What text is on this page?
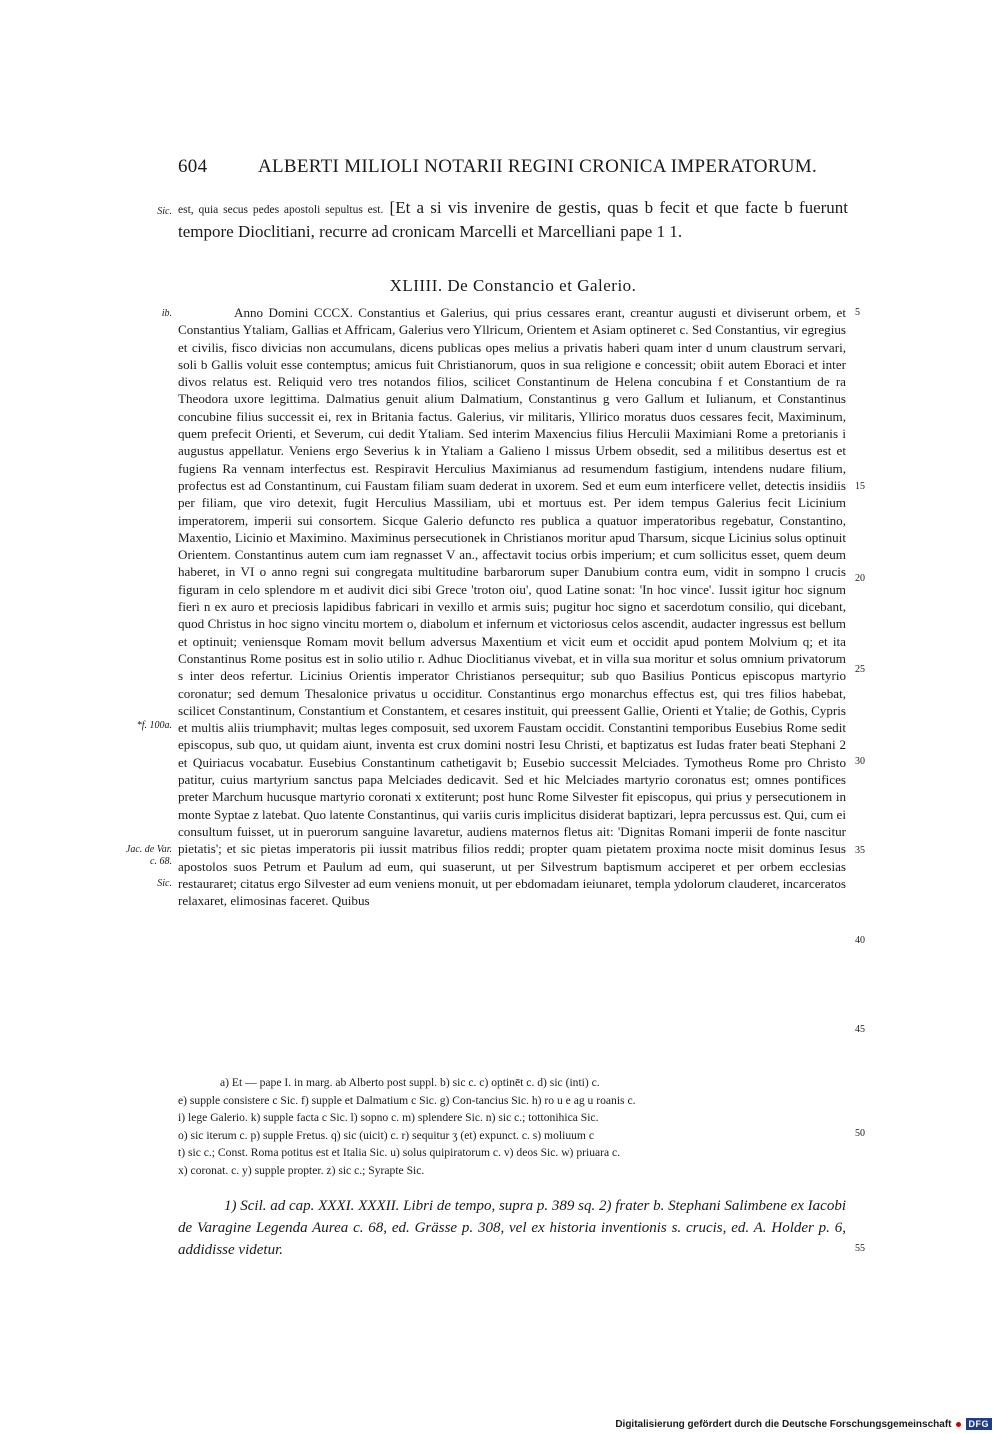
604	ALBERTI MILIOLI NOTARII REGINI CRONICA IMPERATORUM.
Sic. est, quia secus pedes apostoli sepultus est. [Et a si vis invenire de gestis, quas b fecit et que facte b fuerunt tempore Dioclitiani, recurre ad cronicam Marcelli et Marcelliani pape 1 1.
XLIIII. De Constancio et Galerio.
ib.
*f. 100a.
Jac. de Var. c. 68.
Sic.
5
15
20
25
30
35
40
45
50
55

Anno Domini CCCX. Constantius et Galerius, qui prius cessares erant, creantur augusti et diviserunt orbem, et Constantius Ytaliam, Gallias et Affricam, Galerius vero Yllricum, Orientem et Asiam optineret c. Sed Constantius, vir egregius et civilis, fisco divicias non accumulans, dicens publicas opes melius a privatis haberi quam inter d unum claustrum servari, soli b Gallis voluit esse contemptus; amicus fuit Christianorum, quos in sua religione e concessit; obiit autem Eboraci et inter divos relatus est. Reliquid vero tres notandos filios, scilicet Constantinum de Helena concubina f et Constantium de ra Theodora uxore legittima. Dalmatius genuit alium Dalmatium, Constantinus g vero Gallum et Iulianum, et Constantinus concubine filius successit ei, rex in Britania factus. Galerius, vir militaris, Yllirico moratus duos cessares fecit, Maximinum, quem prefecit Orienti, et Severum, cui dedit Ytaliam. Sed interim Maxencius filius Herculii Maximiani Rome a pretorianis i augustus appellatur. Veniens ergo Severius k in Ytaliam a Galieno l missus Urbem obsedit, sed a militibus desertus est et fugiens Ra vennam interfectus est. Respiravit Herculius Maximianus ad resumendum fastigium, intendens nudare filium, profectus est ad Constantinum, cui Faustam filiam suam dederat in uxorem. Sed et eum eum interficere vellet, detectis insidiis per filiam, que viro detexit, fugit Herculius Massiliam, ubi et mortuus est. Per idem tempus Galerius fecit Licinium imperatorem, imperii sui consortem. Sicque Galerio defuncto res publica a quatuor imperatoribus regebatur, Constantino, Maxentio, Licinio et Maximino. Maximinus persecutionek in Christianos moritur apud Tharsum, sicque Licinius solus optinuit Orientem. Constantinus autem cum iam regnasset V an., affectavit tocius orbis imperium; et cum sollicitus esset, quem deum haberet, in VI o anno regni sui congregata multitudine barbarorum super Danubium contra eum, vidit in sompno l crucis figuram in celo splendore m et audivit dici sibi Grece 'troton oiu', quod Latine sonat: 'In hoc vince'. Iussit igitur hoc signum fieri n ex auro et preciosis lapidibus fabricari in vexillo et armis suis; pugitur hoc signo et sacerdotum consilio, qui dicebant, quod Christus in hoc signo vincitu mortem o, diabolum et infernum et victoriosus celos ascendit, audacter ingressus est bellum et optinuit; veniensque Romam movit bellum adversus Maxentium et vicit eum et occidit apud pontem Molvium q; et ita Constantinus Rome positus est in solio utilio r. Adhuc Dioclitianus vivebat, et in villa sua moritur et solus omnium privatorum s inter deos refertur. Licinius Orientis imperator Christianos persequitur; sub quo Basilius Ponticus episcopus martyrio coronatur; sed demum Thesalonice privatus u occiditur. Constantinus ergo monarchus effectus est, qui tres filios habebat, scilicet Constantinum, Constantium et Constantem, et cesares instituit, qui preessent Gallie, Orienti et Ytalie; de Gothis, Cypris et multis aliis triumphavit; multas leges composuit, sed uxorem Faustam occidit. Constantini temporibus Eusebius Rome sedit episcopus, sub quo, ut quidam aiunt, inventa est crux domini nostri Iesu Christi, et baptizatus est Iudas frater beati Stephani 2 et Quiriacus vocabatur. Eusebius Constantinum cathetigavit b; Eusebio successit Melciades. Tymotheus Rome pro Christo patitur, cuius martyrium sanctus papa Melciades dedicavit. Sed et hic Melciades martyrio coronatus est; omnes pontifices preter Marchum hucusque martyrio coronati x extiterunt; post hunc Rome Silvester fit episcopus, qui prius y persecutionem in monte Syptae z latebat. Quo latente Constantinus, qui variis curis implicitus disiderat baptizari, lepra percussus est. Qui, cum ei consultum fuisset, ut in puerorum sanguine lavaretur, audiens maternos fletus ait: 'Dignitas Romani imperii de fonte nascitur pietatis'; et sic pietas imperatoris pii iussit matribus filios reddi; propter quam pietatem proxima nocte misit dominus Iesus apostolos suos Petrum et Paulum ad eum, qui suaserunt, ut per Silvestrum baptismum acciperet et per orbem ecclesias restauraret; citatus ergo Silvester ad eum veniens monuit, ut per ebdomadam ieiunaret, templa ydolorum clauderet, incarceratos relaxaret, elimosinas faceret. Quibus

a) Et — pape I. in marg. ab Alberto post suppl. b) sic c. c) optinēt c. d) sic (inti) c.
e) supple consistere c Sic. f) supple et Dalmatium c Sic. g) Con-tancius Sic. h) ro u e ag u roanis c.
i) lege Galerio. k) supple facta c Sic. l) sopno c. m) splendere Sic. n) sic c.; tottonihica Sic.
o) sic iterum c. p) supple Fretus. q) sic (uicit) c. r) sequitur ʒ (et) expunct. c. s) moliuum c
t) sic c.; Const. Roma potitus est et Italia Sic. u) solus quipiratorum c. v) deos Sic. w) priuara c.
x) coronat. c. y) supple propter. z) sic c.; Syrapte Sic.

1) Scil. ad cap. XXXI. XXXII. Libri de tempo, supra p. 389 sq. 2) frater b. Stephani Salimbene ex Iacobi de Varagine Legenda Aurea c. 68, ed. Grässe p. 308, vel ex historia inventionis s. crucis, ed. A. Holder p. 6, addidisse videtur.

Digitalisierung gefördert durch die Deutsche Forschungsgemeinschaft	DFG
